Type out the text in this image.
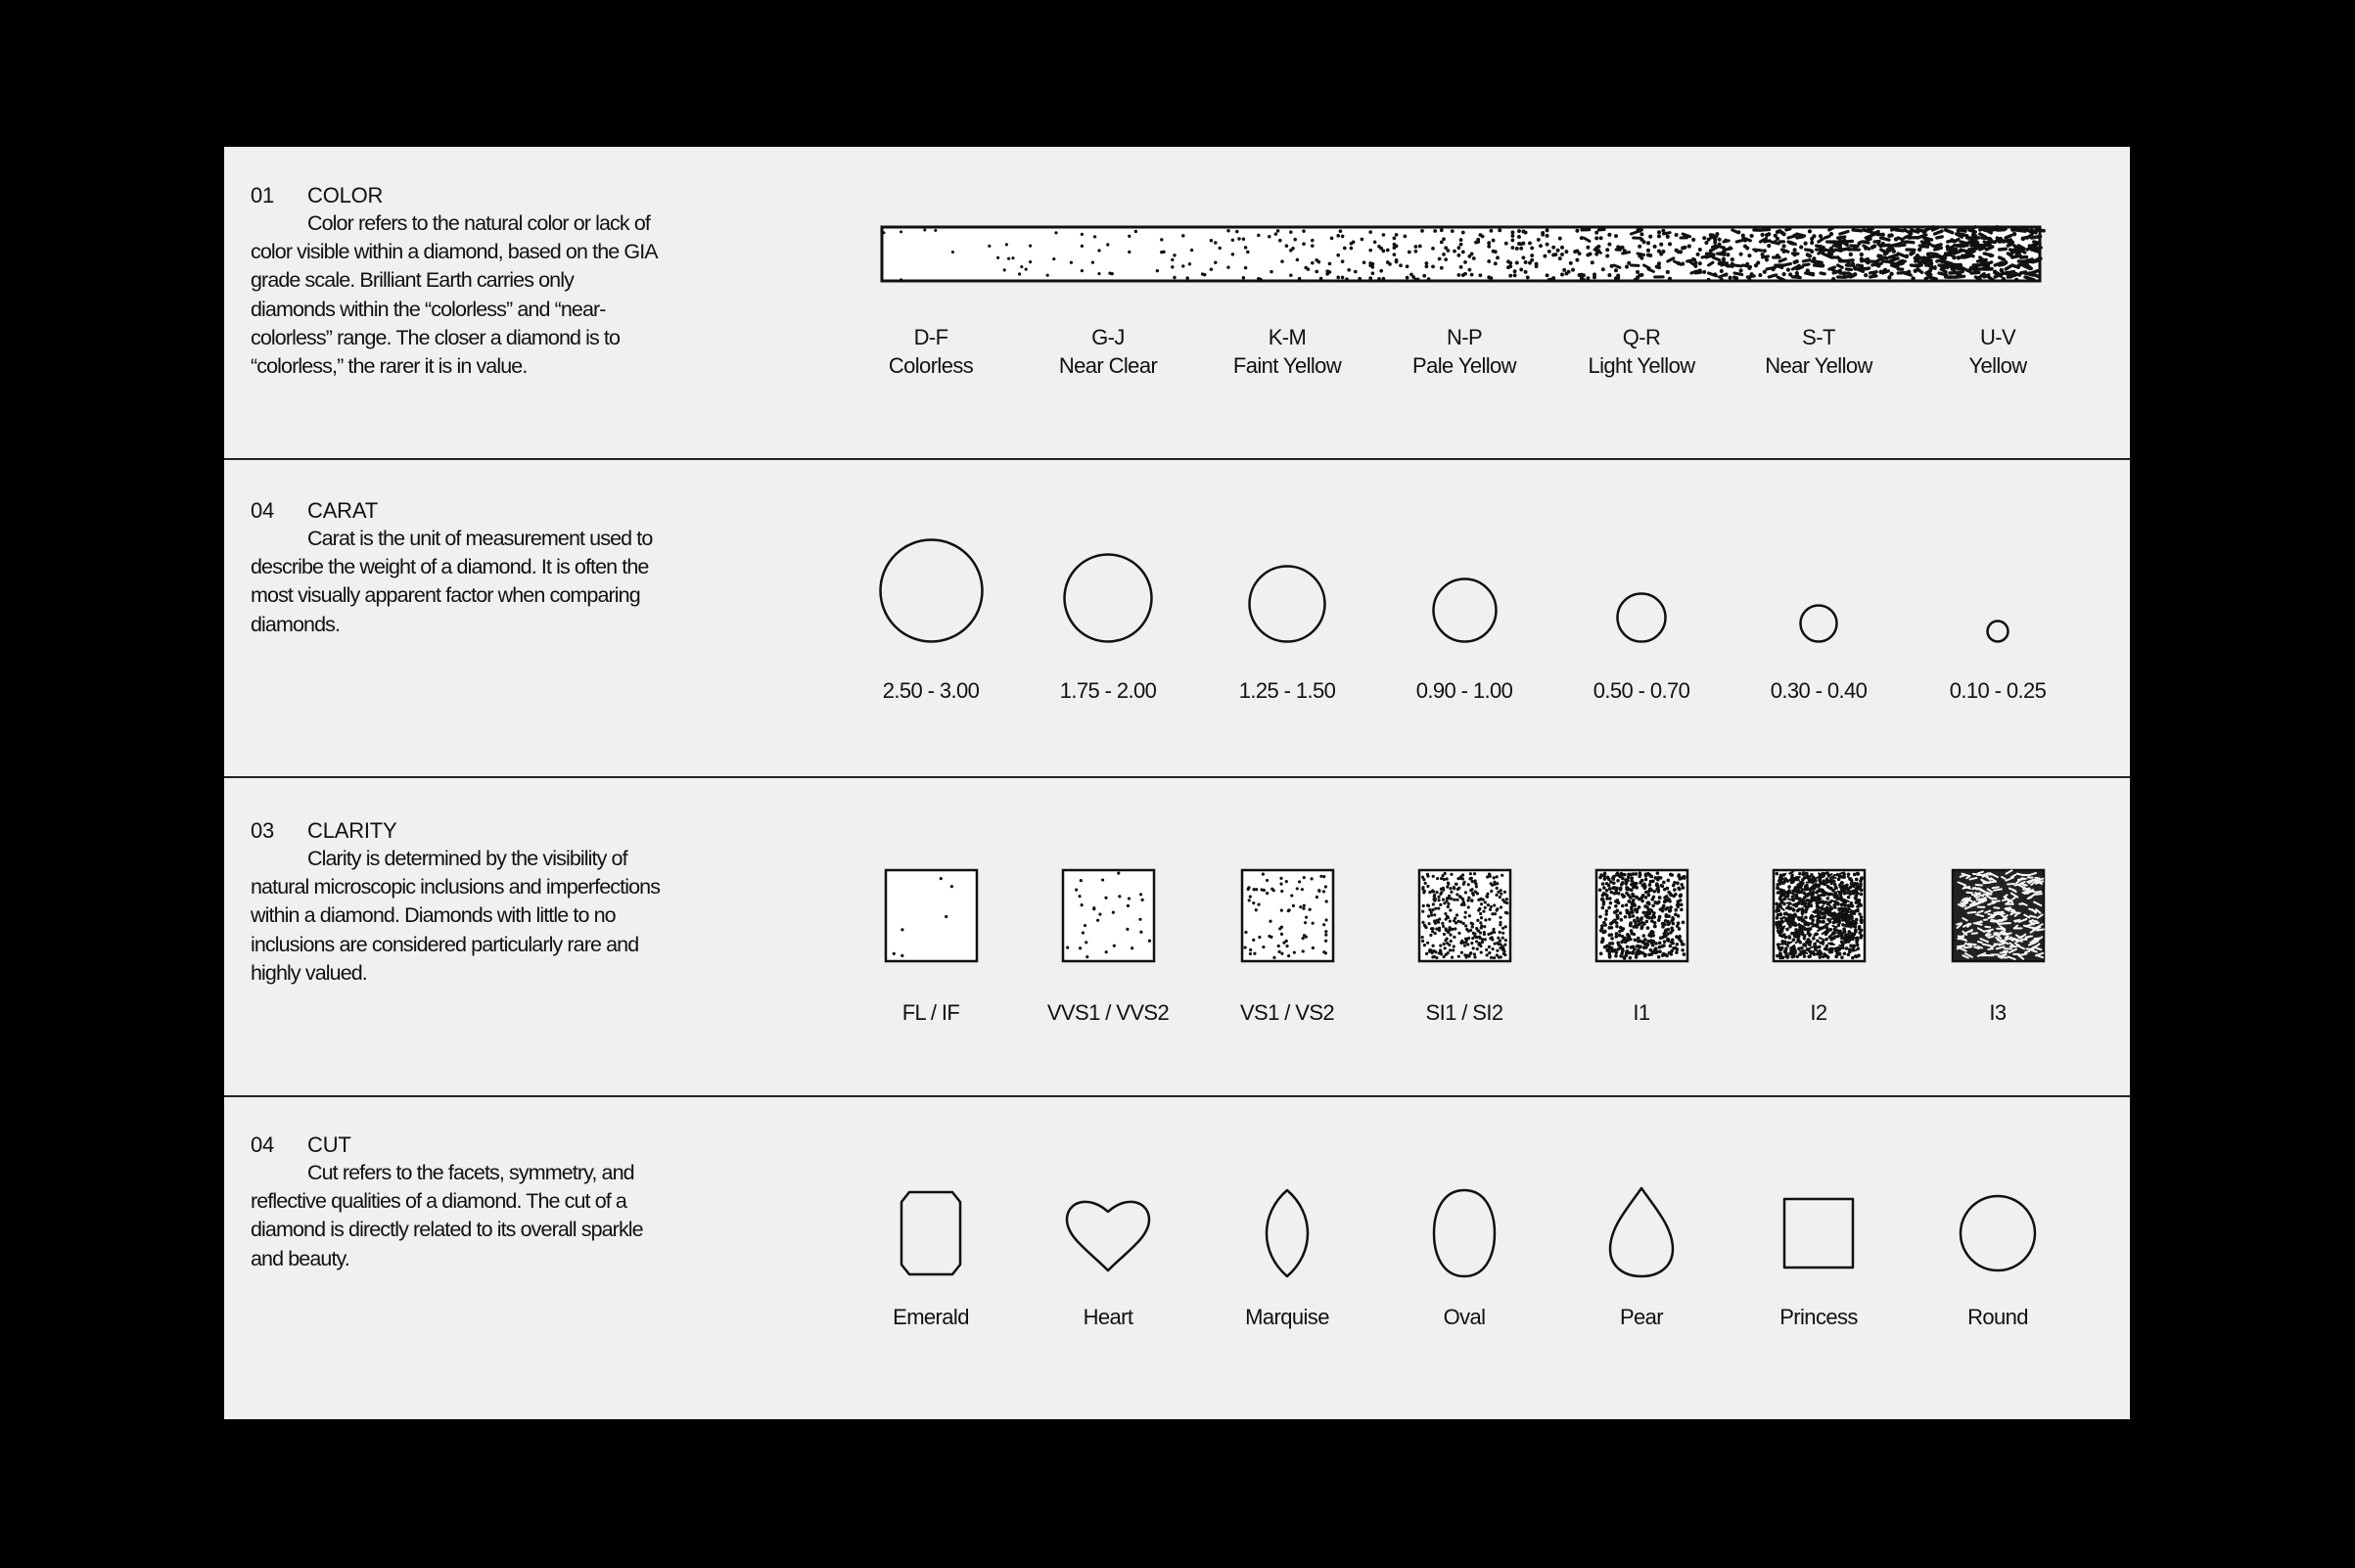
01 COLOR
Color refers to the natural color or lack of color visible within a diamond, based on the GIA grade scale. Brilliant Earth carries only diamonds within the “colorless” and “near-colorless” range. The closer a diamond is to “colorless,” the rarer it is in value.
04 CARAT
Carat is the unit of measurement used to describe the weight of a diamond. It is often the most visually apparent factor when comparing diamonds.
03 CLARITY
Clarity is determined by the visibility of natural microscopic inclusions and imperfections within a diamond. Diamonds with little to no inclusions are considered particularly rare and highly valued.
04 CUT
Cut refers to the facets, symmetry, and reflective qualities of a diamond. The cut of a diamond is directly related to its overall sparkle and beauty.
D-F
Colorless
G-J
Near Clear
K-M
Faint Yellow
N-P
Pale Yellow
Q-R
Light Yellow
S-T
Near Yellow
U-V
Yellow
2.50 - 3.00	1.75 - 2.00	1.25 - 1.50	0.90 - 1.00	0.50 - 0.70	0.30 - 0.40	0.10 - 0.25
FL / IF	VVS1 / VVS2	VS1 / VS2	SI1 / SI2	I1	I2	I3
Emerald	Heart	Marquise	Oval	Pear	Princess	Round
